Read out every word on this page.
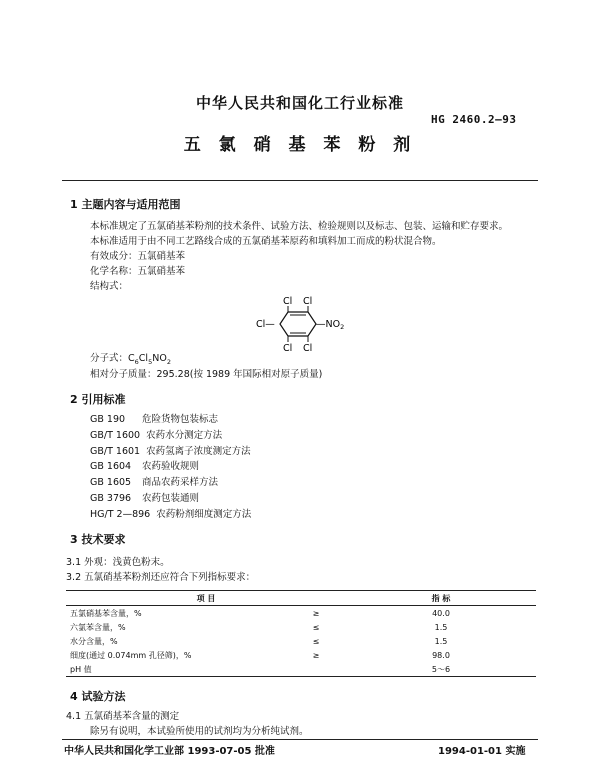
中华人民共和国化工行业标准
HG 2460.2—93
五 氯 硝 基 苯 粉 剂
1 主题内容与适用范围
本标准规定了五氯硝基苯粉剂的技术条件、试验方法、检验规则以及标志、包装、运输和贮存要求。
本标准适用于由不同工艺路线合成的五氯硝基苯原药和填料加工而成的粉状混合物。
有效成分：五氯硝基苯
化学名称：五氯硝基苯
结构式：
Cl Cl
Cl—	$—NO_2$
Cl Cl
分子式：$C_6Cl_5NO_2$
相对分子质量：295.28(按 1989 年国际相对原子质量)
2 引用标准
GB 190 危险货物包装标志
GB/T 1600 农药水分测定方法
GB/T 1601 农药氢离子浓度测定方法
GB 1604 农药验收规则
GB 1605 商品农药采样方法
GB 3796 农药包装通则
HG/T 2—896 农药粉剂细度测定方法
3 技术要求
3.1 外观：浅黄色粉末。
3.2 五氯硝基苯粉剂还应符合下列指标要求：
项 目		指 标
五氯硝基苯含量，%	≥	40.0
六氯苯含量，%	≤	1.5
水分含量，%	≤	1.5
细度(通过 0.074mm 孔径筛)，%	≥	98.0
pH 值		5～6
4 试验方法
4.1 五氯硝基苯含量的测定
除另有说明，本试验所使用的试剂均为分析纯试剂。
中华人民共和国化学工业部 1993-07-05 批准	1994-01-01 实施
